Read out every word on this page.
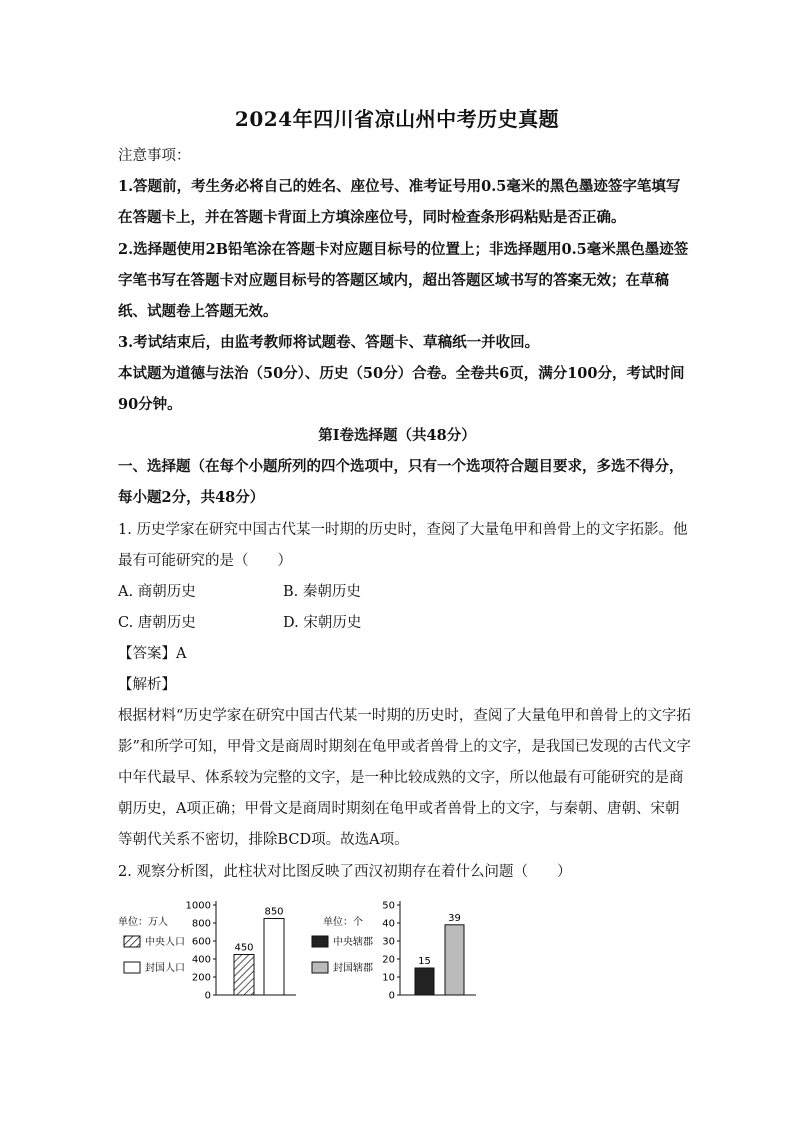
2024年四川省凉山州中考历史真题
注意事项：
1.答题前，考生务必将自己的姓名、座位号、准考证号用0.5毫米的黑色墨迹签字笔填写
在答题卡上，并在答题卡背面上方填涂座位号，同时检查条形码粘贴是否正确。
2.选择题使用2B铅笔涂在答题卡对应题目标号的位置上；非选择题用0.5毫米黑色墨迹签
字笔书写在答题卡对应题目标号的答题区域内，超出答题区域书写的答案无效；在草稿
纸、试题卷上答题无效。
3.考试结束后，由监考教师将试题卷、答题卡、草稿纸一并收回。
本试题为道德与法治（50分）、历史（50分）合卷。全卷共6页，满分100分，考试时间
90分钟。
第Ⅰ卷选择题（共48分）
一、选择题（在每个小题所列的四个选项中，只有一个选项符合题目要求，多选不得分，
每小题2分，共48分）
1. 历史学家在研究中国古代某一时期的历史时，查阅了大量龟甲和兽骨上的文字拓影。他
最有可能研究的是（　　）
A. 商朝历史	B. 秦朝历史
C. 唐朝历史	D. 宋朝历史
【答案】A
【解析】
根据材料“历史学家在研究中国古代某一时期的历史时，查阅了大量龟甲和兽骨上的文字拓
影”和所学可知，甲骨文是商周时期刻在龟甲或者兽骨上的文字，是我国已发现的古代文字
中年代最早、体系较为完整的文字，是一种比较成熟的文字，所以他最有可能研究的是商
朝历史，A项正确；甲骨文是商周时期刻在龟甲或者兽骨上的文字，与秦朝、唐朝、宋朝
等朝代关系不密切，排除BCD项。故选A项。
2. 观察分析图，此柱状对比图反映了西汉初期存在着什么问题（　　）
单位：万人
中央人口
封国人口
0
200
400
600
800
1000
450
850
单位：个
中央辖郡
封国辖郡
0
10
20
30
40
50
15
39
